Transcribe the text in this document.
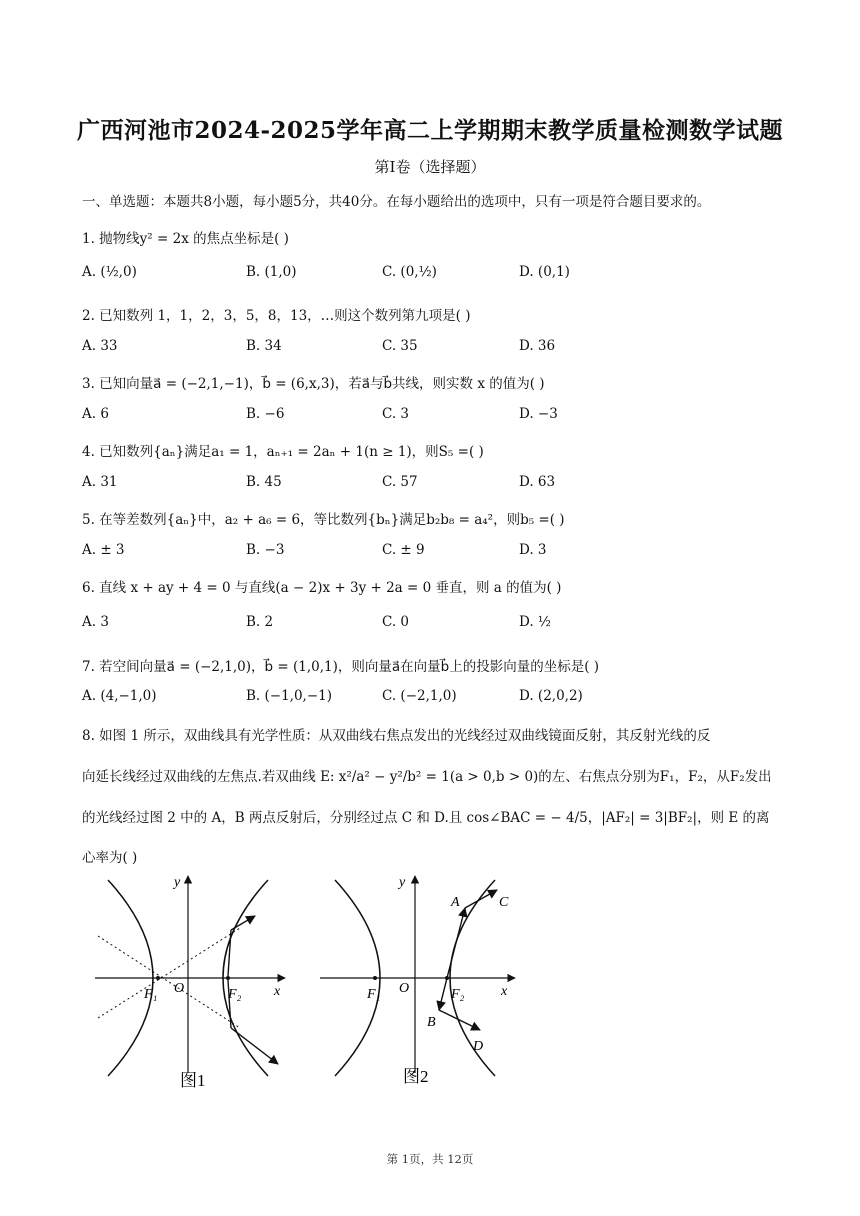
广西河池市2024-2025学年高二上学期期末教学质量检测数学试题
第I卷（选择题）
一、单选题：本题共8小题，每小题5分，共40分。在每小题给出的选项中，只有一项是符合题目要求的。
1. 抛物线y² = 2x 的焦点坐标是( )
A. (½,0)	B. (1,0)	C. (0,½)	D. (0,1)
2. 已知数列 1，1，2，3，5，8，13，…则这个数列第九项是( )
A. 33	B. 34	C. 35	D. 36
3. 已知向量a⃗ = (−2,1,−1)，b⃗ = (6,x,3)，若a⃗与b⃗共线，则实数 x 的值为( )
A. 6	B. −6	C. 3	D. −3
4. 已知数列{aₙ}满足a₁ = 1，aₙ₊₁ = 2aₙ + 1(n ≥ 1)，则S₅ =( )
A. 31	B. 45	C. 57	D. 63
5. 在等差数列{aₙ}中，a₂ + a₆ = 6，等比数列{bₙ}满足b₂b₈ = a₄²，则b₅ =( )
A. ± 3	B. −3	C. ± 9	D. 3
6. 直线 x + ay + 4 = 0 与直线(a − 2)x + 3y + 2a = 0 垂直，则 a 的值为( )
A. 3	B. 2	C. 0	D. ½
7. 若空间向量a⃗ = (−2,1,0)，b⃗ = (1,0,1)，则向量a⃗在向量b⃗上的投影向量的坐标是( )
A. (4,−1,0)	B. (−1,0,−1)	C. (−2,1,0)	D. (2,0,2)
8. 如图 1 所示，双曲线具有光学性质：从双曲线右焦点发出的光线经过双曲线镜面反射，其反射光线的反
向延长线经过双曲线的左焦点.若双曲线 E: x²/a² − y²/b² = 1(a > 0,b > 0)的左、右焦点分别为F₁，F₂，从F₂发出
的光线经过图 2 中的 A，B 两点反射后，分别经过点 C 和 D.且 cos∠BAC = − 4/5，|AF₂| = 3|BF₂|，则 E 的离
心率为( )
y
x
O
F₁	F₂
图1
y
x
O
F₁	F₂
A	C
B
D
图2
第 1页，共 12页
